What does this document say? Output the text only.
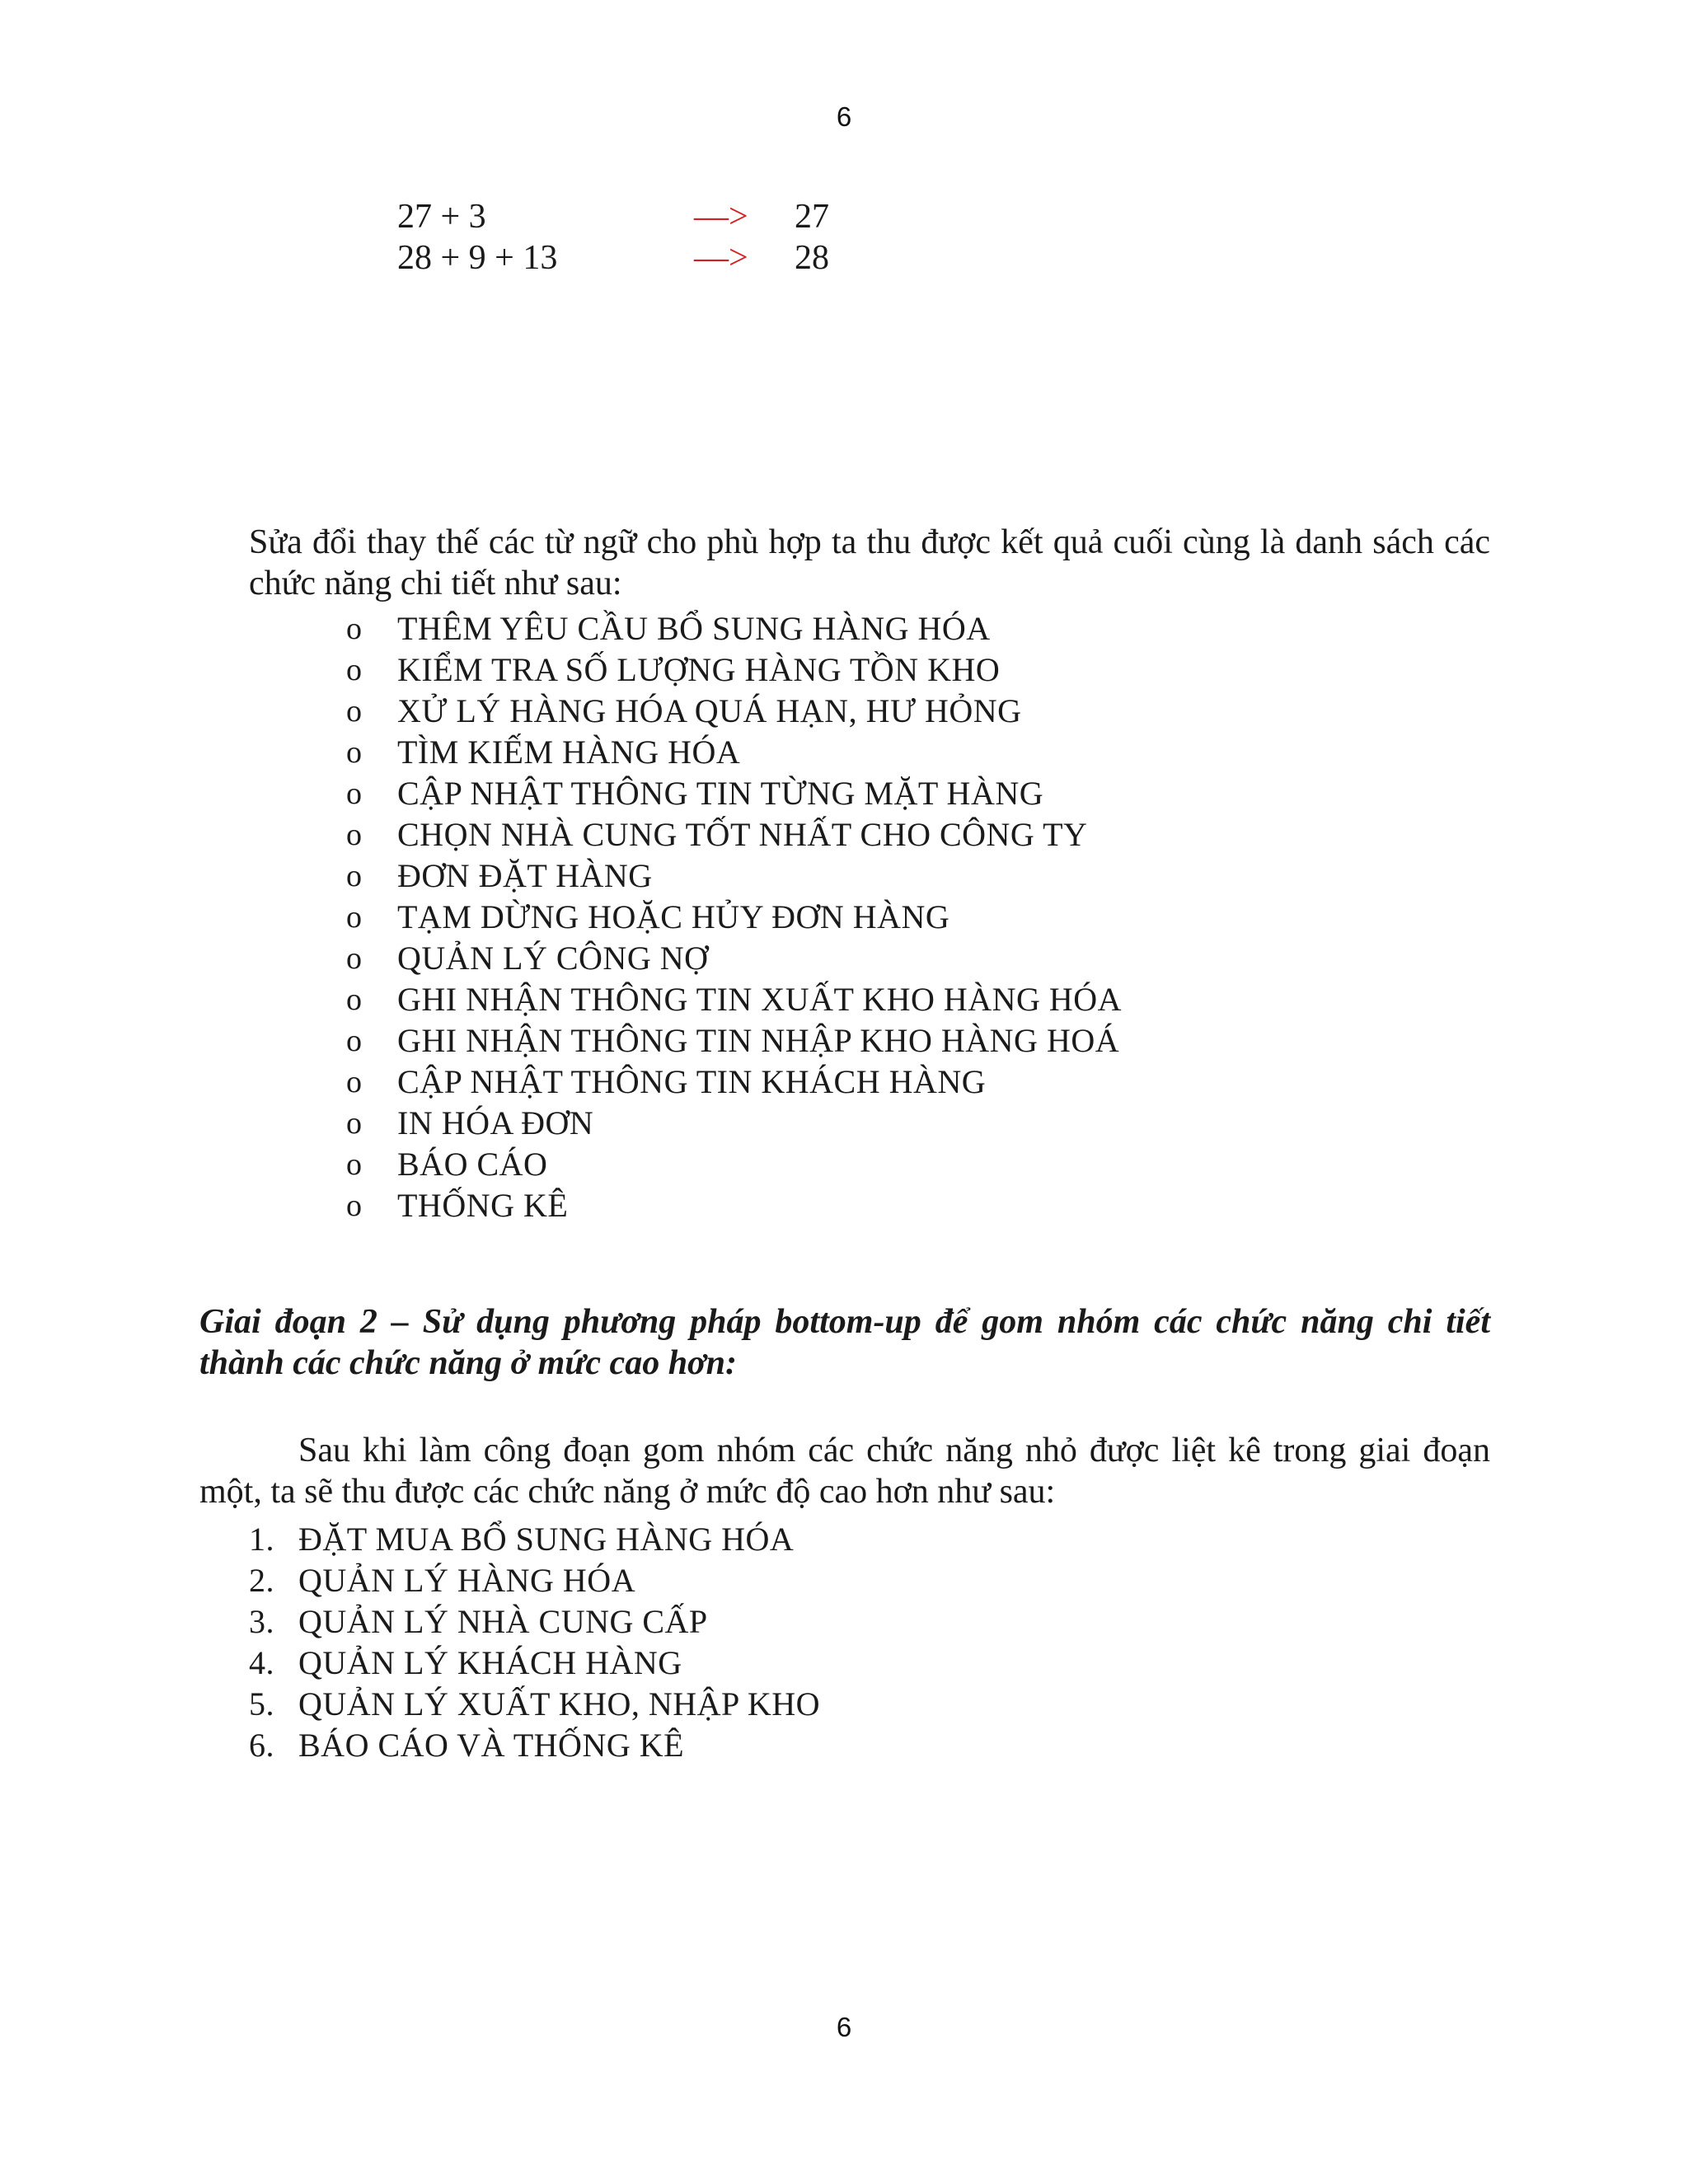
6
27 + 3	—> 27
28 + 9 + 13	—> 28

Sửa đổi thay thế các từ ngữ cho phù hợp ta thu được kết quả cuối cùng là danh sách các chức năng chi tiết như sau:

o THÊM YÊU CẦU BỔ SUNG HÀNG HÓA
o KIỂM TRA SỐ LƯỢNG HÀNG TỒN KHO
o XỬ LÝ HÀNG HÓA QUÁ HẠN, HƯ HỎNG
o TÌM KIẾM HÀNG HÓA
o CẬP NHẬT THÔNG TIN TỪNG MẶT HÀNG
o CHỌN NHÀ CUNG TỐT NHẤT CHO CÔNG TY
o ĐƠN ĐẶT HÀNG
o TẠM DỪNG HOẶC HỦY ĐƠN HÀNG
o QUẢN LÝ CÔNG NỢ
o GHI NHẬN THÔNG TIN XUẤT KHO HÀNG HÓA
o GHI NHẬN THÔNG TIN NHẬP KHO HÀNG HOÁ
o CẬP NHẬT THÔNG TIN KHÁCH HÀNG
o IN HÓA ĐƠN
o BÁO CÁO
o THỐNG KÊ

Giai đoạn 2 – Sử dụng phương pháp bottom-up để gom nhóm các chức năng chi tiết thành các chức năng ở mức cao hơn:

Sau khi làm công đoạn gom nhóm các chức năng nhỏ được liệt kê trong giai đoạn một, ta sẽ thu được các chức năng ở mức độ cao hơn như sau:

1. ĐẶT MUA BỔ SUNG HÀNG HÓA
2. QUẢN LÝ HÀNG HÓA
3. QUẢN LÝ NHÀ CUNG CẤP
4. QUẢN LÝ KHÁCH HÀNG
5. QUẢN LÝ XUẤT KHO, NHẬP KHO
6. BÁO CÁO VÀ THỐNG KÊ
6
